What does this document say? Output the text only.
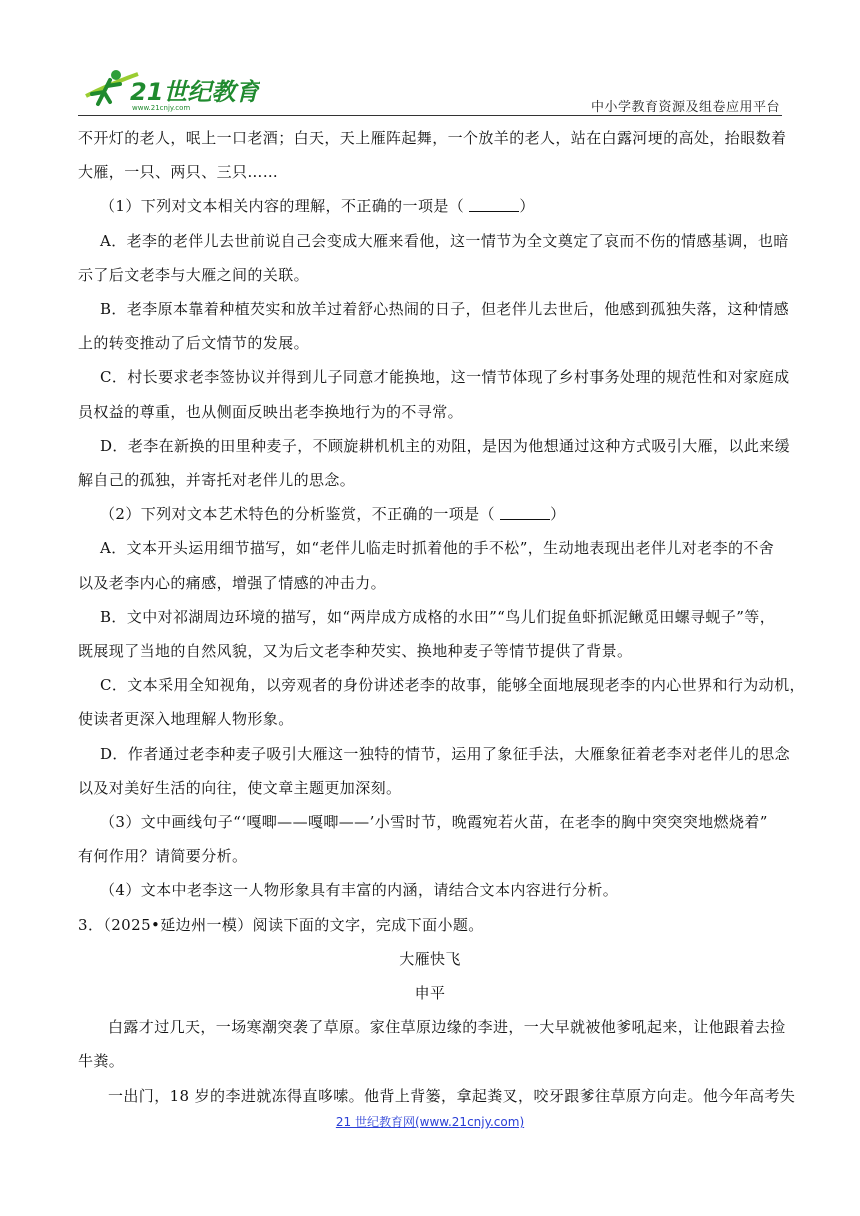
21世纪教育
www.21cnjy.com	中小学教育资源及组卷应用平台
不开灯的老人，呡上一口老酒；白天，天上雁阵起舞，一个放羊的老人，站在白露河埂的高处，抬眼数着
大雁，一只、两只、三只……
（1）下列对文本相关内容的理解，不正确的一项是（	）
A．老李的老伴儿去世前说自己会变成大雁来看他，这一情节为全文奠定了哀而不伤的情感基调，也暗
示了后文老李与大雁之间的关联。
B．老李原本靠着种植芡实和放羊过着舒心热闹的日子，但老伴儿去世后，他感到孤独失落，这种情感
上的转变推动了后文情节的发展。
C．村长要求老李签协议并得到儿子同意才能换地，这一情节体现了乡村事务处理的规范性和对家庭成
员权益的尊重，也从侧面反映出老李换地行为的不寻常。
D．老李在新换的田里种麦子，不顾旋耕机机主的劝阻，是因为他想通过这种方式吸引大雁，以此来缓
解自己的孤独，并寄托对老伴儿的思念。
（2）下列对文本艺术特色的分析鉴赏，不正确的一项是（	）
A．文本开头运用细节描写，如“老伴儿临走时抓着他的手不松”，生动地表现出老伴儿对老李的不舍
以及老李内心的痛感，增强了情感的冲击力。
B．文中对祁湖周边环境的描写，如“两岸成方成格的水田”“鸟儿们捉鱼虾抓泥鳅觅田螺寻蚬子”等，
既展现了当地的自然风貌，又为后文老李种芡实、换地种麦子等情节提供了背景。
C．文本采用全知视角，以旁观者的身份讲述老李的故事，能够全面地展现老李的内心世界和行为动机，
使读者更深入地理解人物形象。
D．作者通过老李种麦子吸引大雁这一独特的情节，运用了象征手法，大雁象征着老李对老伴儿的思念
以及对美好生活的向往，使文章主题更加深刻。
（3）文中画线句子“‘嘎唧——嘎唧——’小雪时节，晚霞宛若火苗，在老李的胸中突突突地燃烧着”
有何作用？请简要分析。
（4）文本中老李这一人物形象具有丰富的内涵，请结合文本内容进行分析。
3．（2025•延边州一模）阅读下面的文字，完成下面小题。
大雁快飞
申平
白露才过几天，一场寒潮突袭了草原。家住草原边缘的李进，一大早就被他爹吼起来，让他跟着去捡
牛粪。
一出门，18 岁的李进就冻得直哆嗦。他背上背篓，拿起粪叉，咬牙跟爹往草原方向走。他今年高考失
21 世纪教育网(www.21cnjy.com)
